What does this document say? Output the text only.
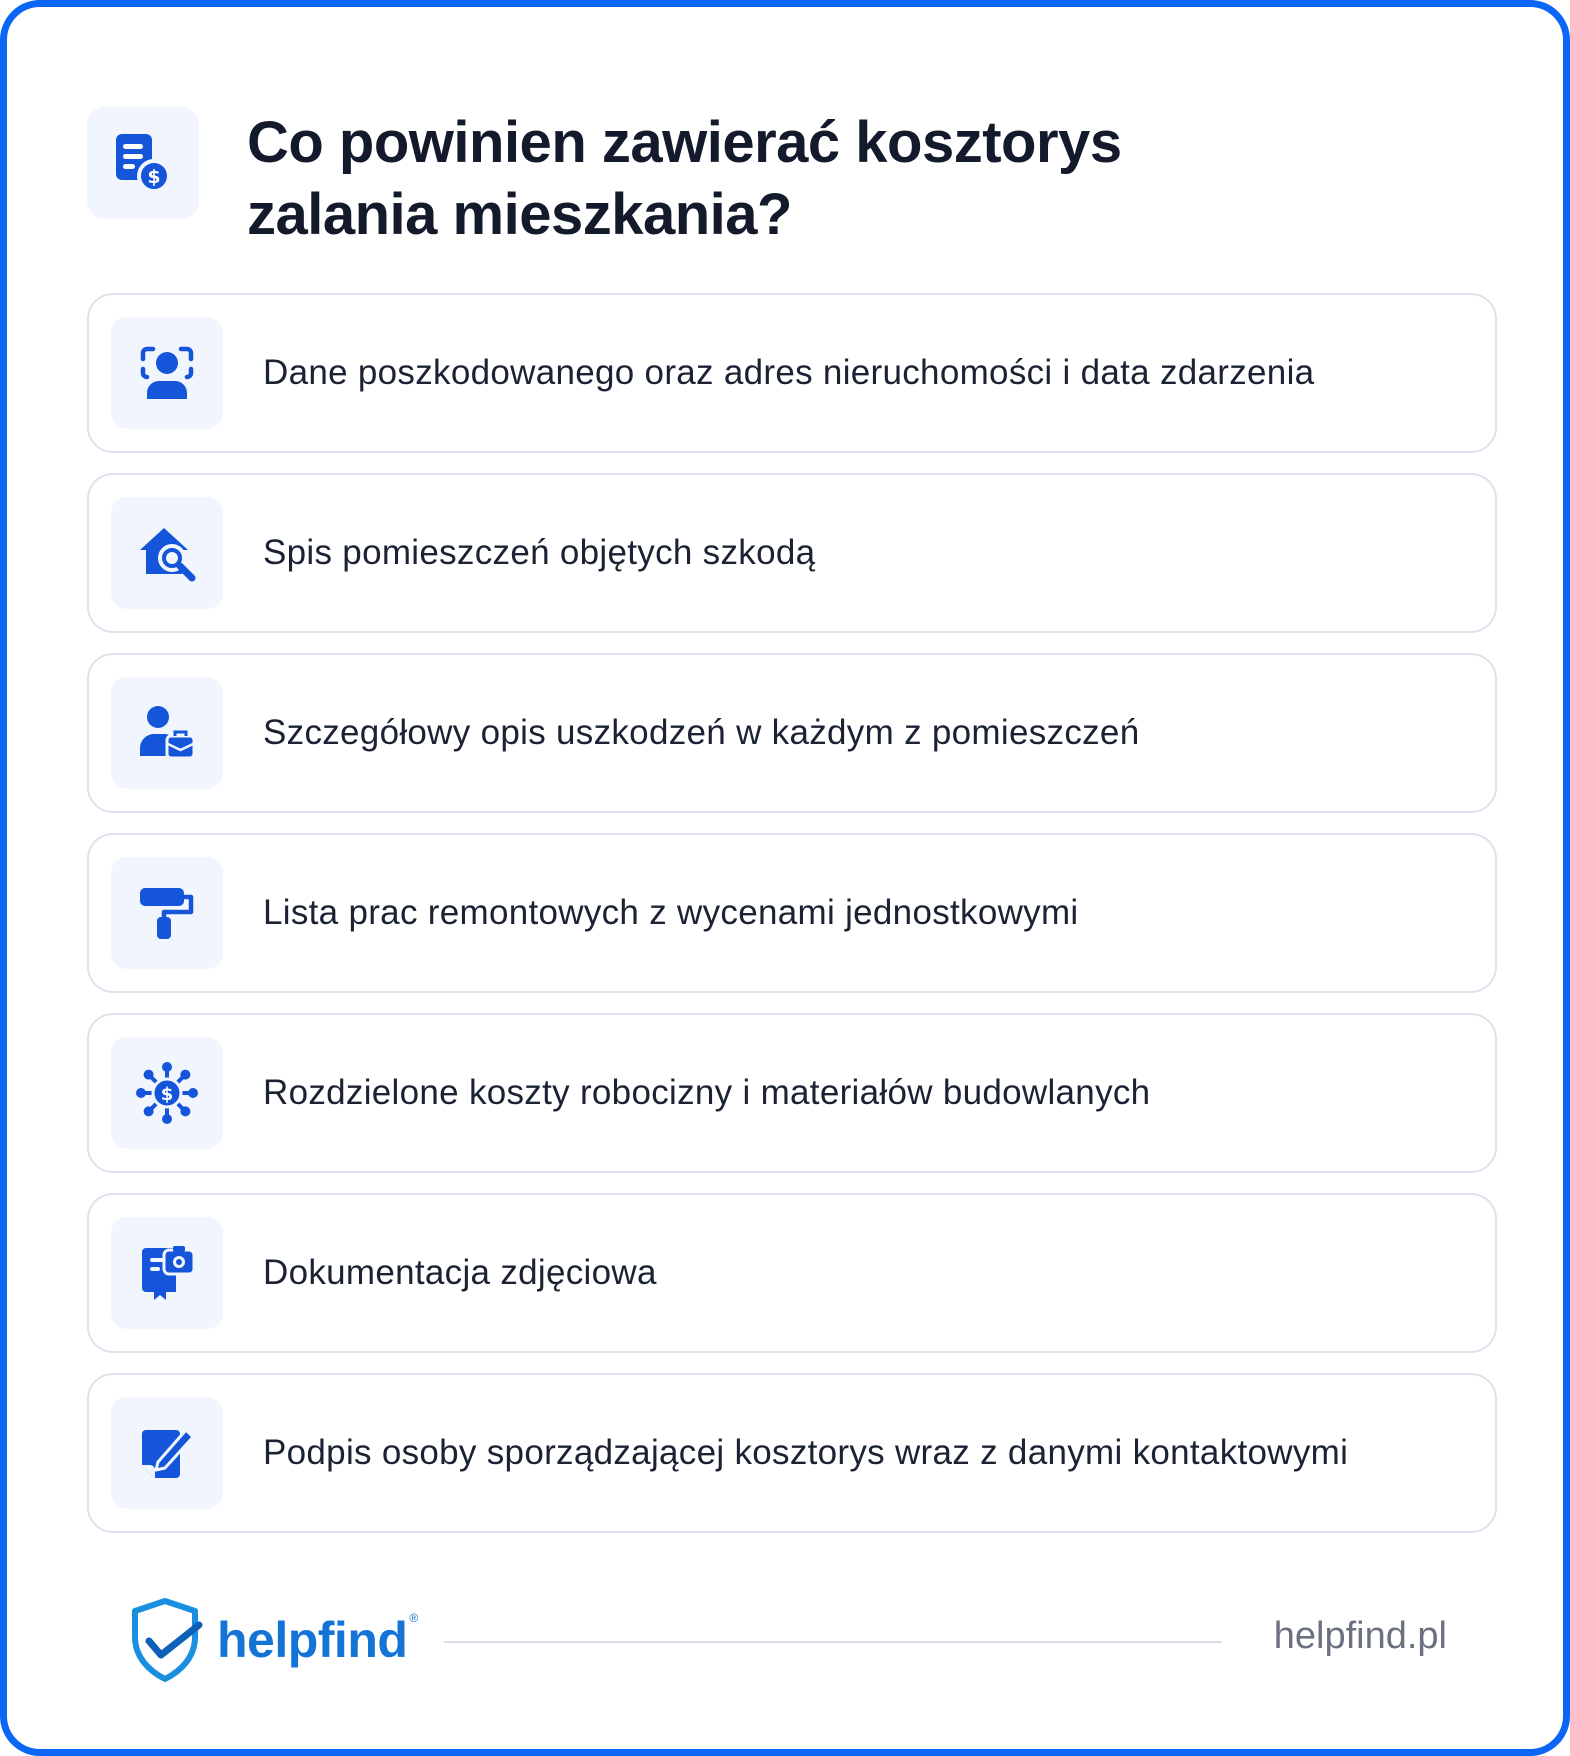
$
Co powinien zawierać kosztorys zalania mieszkania?
Dane poszkodowanego oraz adres nieruchomości i data zdarzenia
Spis pomieszczeń objętych szkodą
Szczegółowy opis uszkodzeń w każdym z pomieszczeń
Lista prac remontowych z wycenami jednostkowymi
$	Rozdzielone koszty robocizny i materiałów budowlanych
Dokumentacja zdjęciowa
Podpis osoby sporządzającej kosztorys wraz z danymi kontaktowymi
helpfind ®	helpfind.pl
